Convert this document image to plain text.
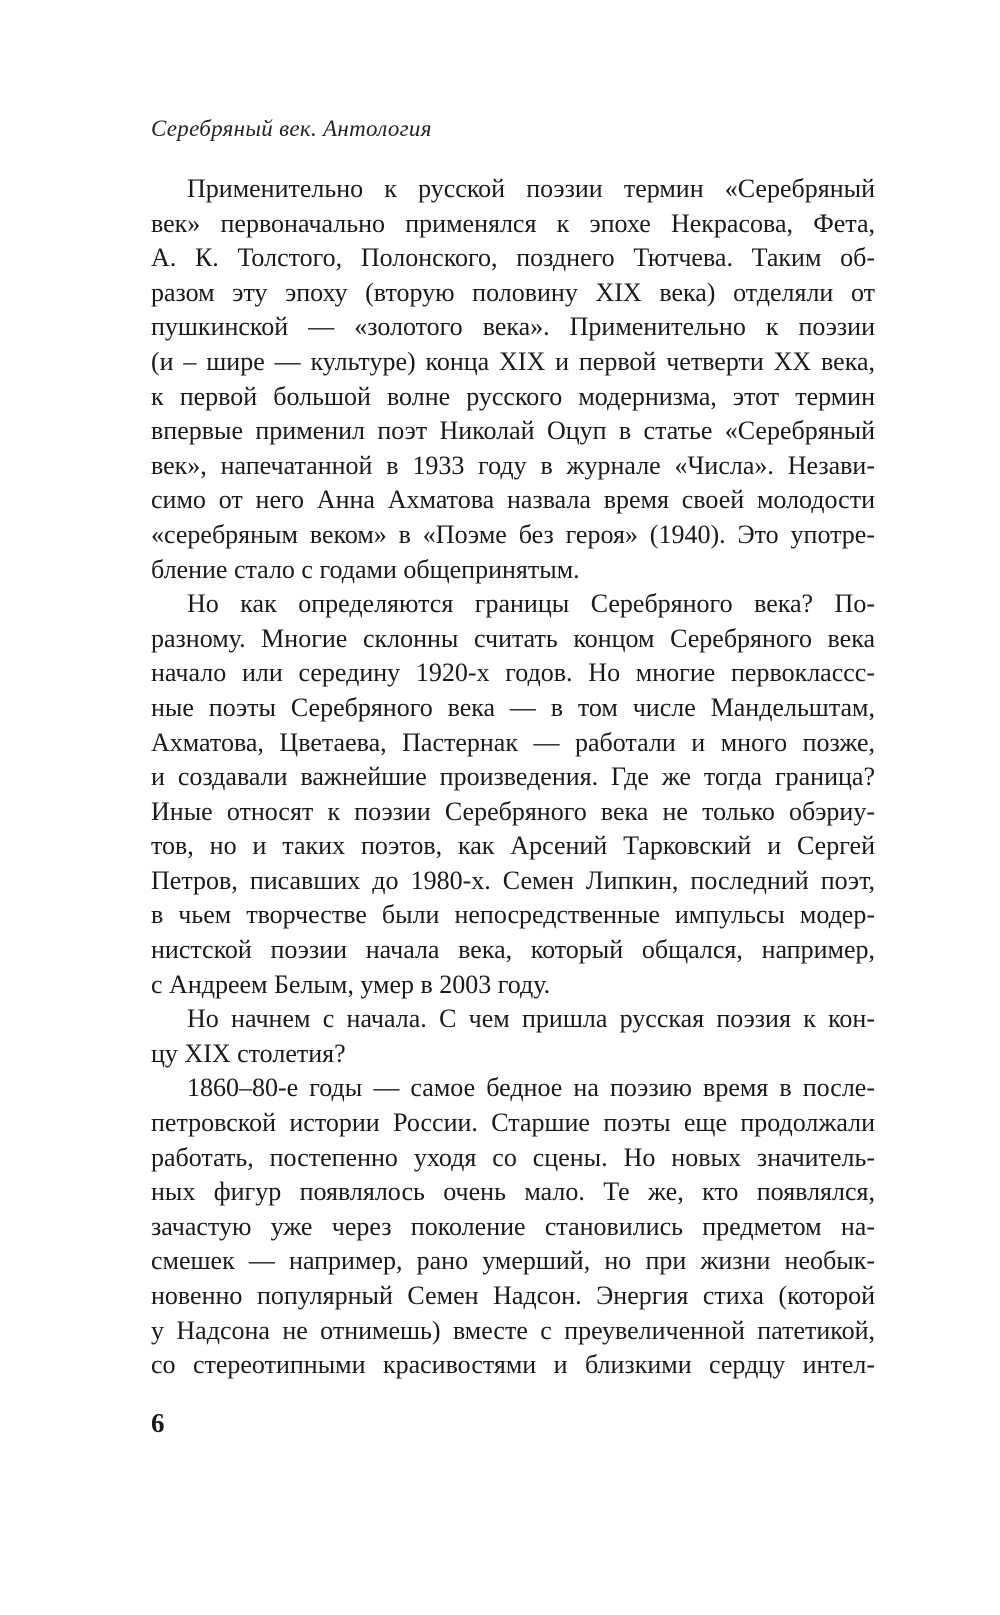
Серебряный век. Антология
Применительно к русской поэзии термин «Серебряный
век» первоначально применялся к эпохе Некрасова, Фета,
А. К. Толстого, Полонского, позднего Тютчева. Таким об-
разом эту эпоху (вторую половину XIX века) отделяли от
пушкинской — «золотого века». Применительно к поэзии
(и – шире — культуре) конца XIX и первой четверти XX века,
к первой большой волне русского модернизма, этот термин
впервые применил поэт Николай Оцуп в статье «Серебряный
век», напечатанной в 1933 году в журнале «Числа». Незави-
симо от него Анна Ахматова назвала время своей молодости
«серебряным веком» в «Поэме без героя» (1940). Это употре-
бление стало с годами общепринятым.
Но как определяются границы Серебряного века? По-
разному. Многие склонны считать концом Серебряного века
начало или середину 1920-х годов. Но многие первоклассс-
ные поэты Серебряного века — в том числе Мандельштам,
Ахматова, Цветаева, Пастернак — работали и много позже,
и создавали важнейшие произведения. Где же тогда граница?
Иные относят к поэзии Серебряного века не только обэриу-
тов, но и таких поэтов, как Арсений Тарковский и Сергей
Петров, писавших до 1980-х. Семен Липкин, последний поэт,
в чьем творчестве были непосредственные импульсы модер-
нистской поэзии начала века, который общался, например,
с Андреем Белым, умер в 2003 году.
Но начнем с начала. С чем пришла русская поэзия к кон-
цу XIX столетия?
1860–80-е годы — самое бедное на поэзию время в после-
петровской истории России. Старшие поэты еще продолжали
работать, постепенно уходя со сцены. Но новых значитель-
ных фигур появлялось очень мало. Те же, кто появлялся,
зачастую уже через поколение становились предметом на-
смешек — например, рано умерший, но при жизни необык-
новенно популярный Семен Надсон. Энергия стиха (которой
у Надсона не отнимешь) вместе с преувеличенной патетикой,
со стереотипными красивостями и близкими сердцу интел-
6
